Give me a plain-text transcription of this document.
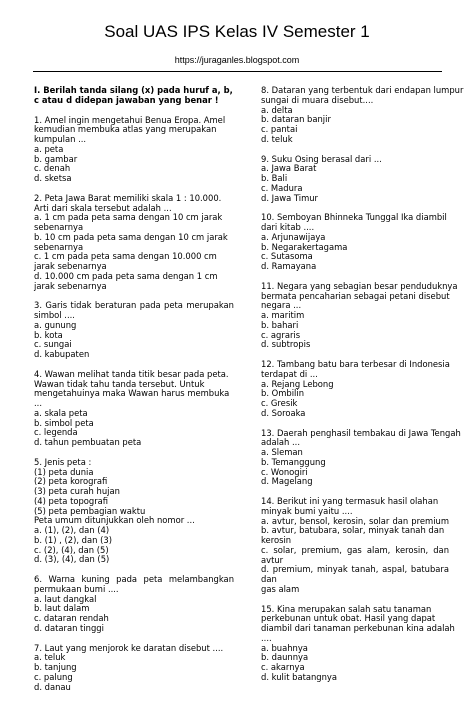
Soal UAS IPS Kelas IV Semester 1
https://juraganles.blogspot.com
I. Berilah tanda silang (x) pada huruf a, b,
c atau d didepan jawaban yang benar !
1. Amel ingin mengetahui Benua Eropa. Amel
kemudian membuka atlas yang merupakan
kumpulan ...
a. peta
b. gambar
c. denah
d. sketsa
2. Peta Jawa Barat memiliki skala 1 : 10.000.
Arti dari skala tersebut adalah ...
a. 1 cm pada peta sama dengan 10 cm jarak
sebenarnya
b. 10 cm pada peta sama dengan 10 cm jarak
sebenarnya
c. 1 cm pada peta sama dengan 10.000 cm
jarak sebenarnya
d. 10.000 cm pada peta sama dengan 1 cm
jarak sebenarnya
3. Garis tidak beraturan pada peta merupakan
simbol ....
a. gunung
b. kota
c. sungai
d. kabupaten
4. Wawan melihat tanda titik besar pada peta.
Wawan tidak tahu tanda tersebut. Untuk
mengetahuinya maka Wawan harus membuka
...
a. skala peta
b. simbol peta
c. legenda
d. tahun pembuatan peta
5. Jenis peta :
(1) peta dunia
(2) peta korografi
(3) peta curah hujan
(4) peta topografi
(5) peta pembagian waktu
Peta umum ditunjukkan oleh nomor ...
a. (1), (2), dan (4)
b. (1) , (2), dan (3)
c. (2), (4), dan (5)
d. (3), (4), dan (5)
6. Warna kuning pada peta melambangkan
permukaan bumi ....
a. laut dangkal
b. laut dalam
c. dataran rendah
d. dataran tinggi
7. Laut yang menjorok ke daratan disebut ....
a. teluk
b. tanjung
c. palung
d. danau
8. Dataran yang terbentuk dari endapan lumpur
sungai di muara disebut....
a. delta
b. dataran banjir
c. pantai
d. teluk
9. Suku Osing berasal dari ...
a. Jawa Barat
b. Bali
c. Madura
d. Jawa Timur
10. Semboyan Bhinneka Tunggal Ika diambil
dari kitab ....
a. Arjunawijaya
b. Negarakertagama
c. Sutasoma
d. Ramayana
11. Negara yang sebagian besar penduduknya
bermata pencaharian sebagai petani disebut
negara ...
a. maritim
b. bahari
c. agraris
d. subtropis
12. Tambang batu bara terbesar di Indonesia
terdapat di ...
a. Rejang Lebong
b. Ombilin
c. Gresik
d. Soroaka
13. Daerah penghasil tembakau di Jawa Tengah
adalah ...
a. Sleman
b. Temanggung
c. Wonogiri
d. Magelang
14. Berikut ini yang termasuk hasil olahan
minyak bumi yaitu ....
a. avtur, bensol, kerosin, solar dan premium
b. avtur, batubara, solar, minyak tanah dan
kerosin
c. solar, premium, gas alam, kerosin, dan avtur
d. premium, minyak tanah, aspal, batubara dan
gas alam
15. Kina merupakan salah satu tanaman
perkebunan untuk obat. Hasil yang dapat
diambil dari tanaman perkebunan kina adalah
....
a. buahnya
b. daunnya
c. akarnya
d. kulit batangnya
